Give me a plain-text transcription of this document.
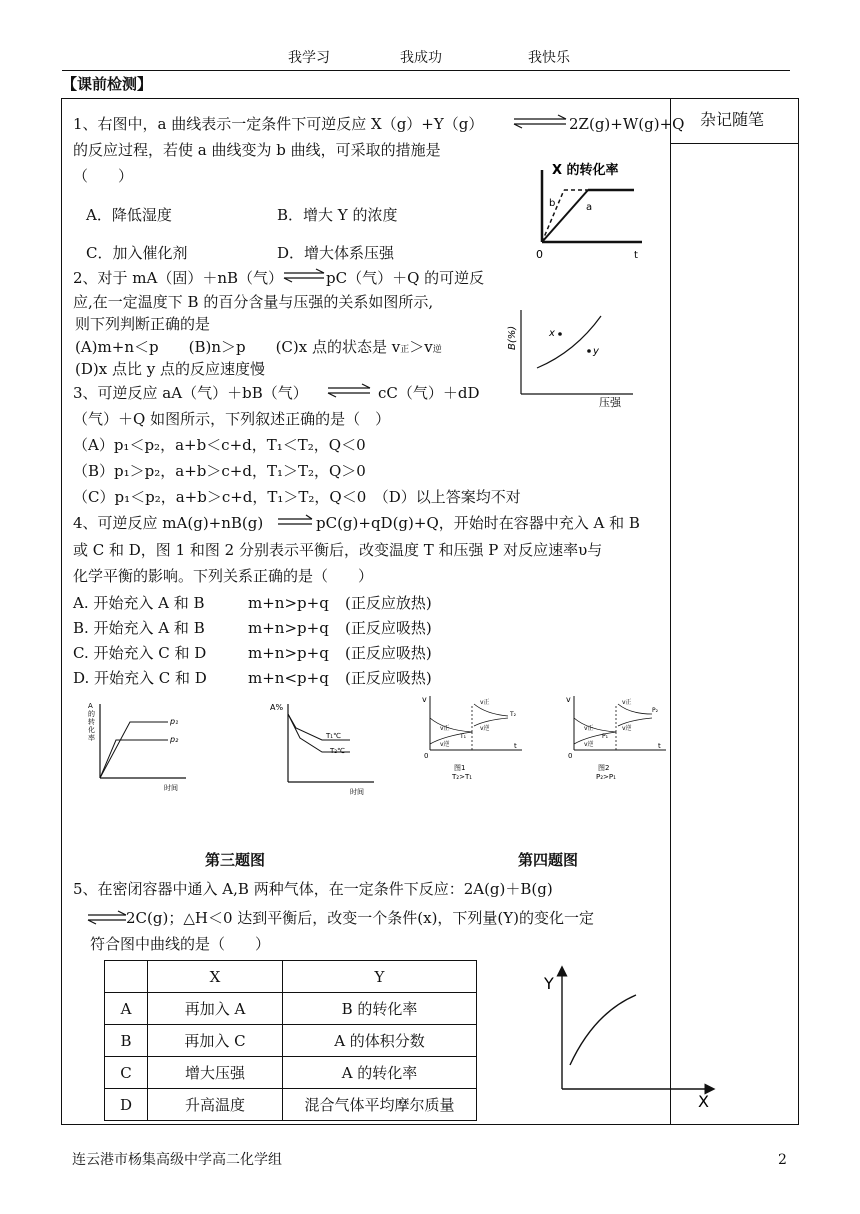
我学习	我成功	我快乐
【课前检测】
杂记随笔
1、右图中，a 曲线表示一定条件下可逆反应 X（g）+Y（g） ⇌ 2Z(g)+W(g)+Q
的反应过程，若使 a 曲线变为 b 曲线，可采取的措施是
（　　）
A．降低湿度	B．增大 Y 的浓度
C．加入催化剂	D．增大体系压强
X 的转化率
a
b
0	t
2、对于 mA（固）＋nB（气） ⇌ pC（气）＋Q 的可逆反
应,在一定温度下 B 的百分含量与压强的关系如图所示,
则下列判断正确的是
(A)m+n＜p　　(B)n＞p　　(C)x 点的状态是 v正＞v逆
(D)x 点比 y 点的反应速度慢
B(%)	x
y
压强
3、可逆反应 aA（气）＋bB（气） ⇌ cC（气）＋dD
（气）＋Q 如图所示，下列叙述正确的是（　）
（A）p₁＜p₂，a+b＜c+d，T₁＜T₂，Q＜0
（B）p₁＞p₂，a+b＞c+d，T₁＞T₂，Q＞0
（C）p₁＜p₂，a+b＞c+d，T₁＞T₂，Q＜0　（D）以上答案均不对
4、可逆反应 mA(g)+nB(g)	pC(g)+qD(g)+Q，开始时在容器中充入 A 和 B
或 C 和 D，图 1 和图 2 分别表示平衡后，改变温度 T 和压强 P 对反应速率υ与
化学平衡的影响。下列关系正确的是（　　）
A. 开始充入 A 和 B	m+n>p+q (正反应放热)
B. 开始充入 A 和 B	m+n>p+q (正反应吸热)
C. 开始充入 C 和 D	m+n>p+q (正反应吸热)
D. 开始充入 C 和 D	m+n<p+q (正反应吸热)
A
的
转
化
率
p₁
p₂
时间
A%
T₁℃
T₂℃
时间
v
t
0
v正
v逆
v正
v逆
T₂
T₁
图1
T₂>T₁
v
t
0
v正
v逆
v正
v逆
P₂
P₁
图2
P₂>P₁
第三题图	第四题图
5、在密闭容器中通入 A,B 两种气体，在一定条件下反应：2A(g)＋B(g)
2C(g)；△H＜0 达到平衡后，改变一个条件(x)，下列量(Y)的变化一定
符合图中曲线的是（　　）
	X	Y
A	再加入 A	B 的转化率
B	再加入 C	A 的体积分数
C	增大压强	A 的转化率
D	升高温度	混合气体平均摩尔质量
Y
X
连云港市杨集高级中学高二化学组	2
